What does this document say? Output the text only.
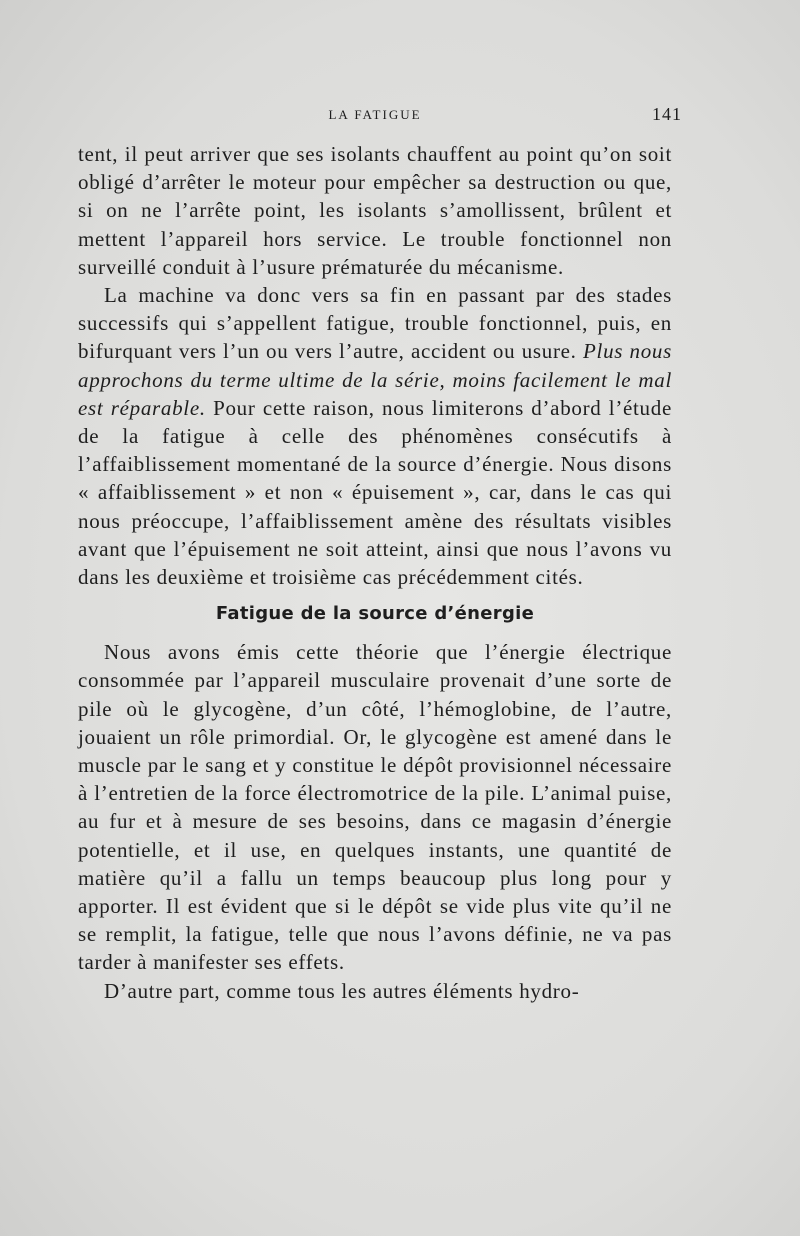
LA FATIGUE	141

tent, il peut arriver que ses isolants chauffent au point qu’on soit obligé d’arrêter le moteur pour empêcher sa destruction ou que, si on ne l’arrête point, les isolants s’amollissent, brûlent et mettent l’appareil hors service. Le trouble fonctionnel non surveillé conduit à l’usure prématurée du mécanisme.

La machine va donc vers sa fin en passant par des stades successifs qui s’appellent fatigue, trouble fonctionnel, puis, en bifurquant vers l’un ou vers l’autre, accident ou usure. Plus nous approchons du terme ultime de la série, moins facilement le mal est réparable. Pour cette raison, nous limiterons d’abord l’étude de la fatigue à celle des phénomènes consécutifs à l’affaiblissement momentané de la source d’énergie. Nous disons « affaiblissement » et non « épuisement », car, dans le cas qui nous préoccupe, l’affaiblissement amène des résultats visibles avant que l’épuisement ne soit atteint, ainsi que nous l’avons vu dans les deuxième et troisième cas précédemment cités.

Fatigue de la source d’énergie

Nous avons émis cette théorie que l’énergie électrique consommée par l’appareil musculaire provenait d’une sorte de pile où le glycogène, d’un côté, l’hémoglobine, de l’autre, jouaient un rôle primordial. Or, le glycogène est amené dans le muscle par le sang et y constitue le dépôt provisionnel nécessaire à l’entretien de la force électromotrice de la pile. L’animal puise, au fur et à mesure de ses besoins, dans ce magasin d’énergie potentielle, et il use, en quelques instants, une quantité de matière qu’il a fallu un temps beaucoup plus long pour y apporter. Il est évident que si le dépôt se vide plus vite qu’il ne se remplit, la fatigue, telle que nous l’avons définie, ne va pas tarder à manifester ses effets.

D’autre part, comme tous les autres éléments hydro-
